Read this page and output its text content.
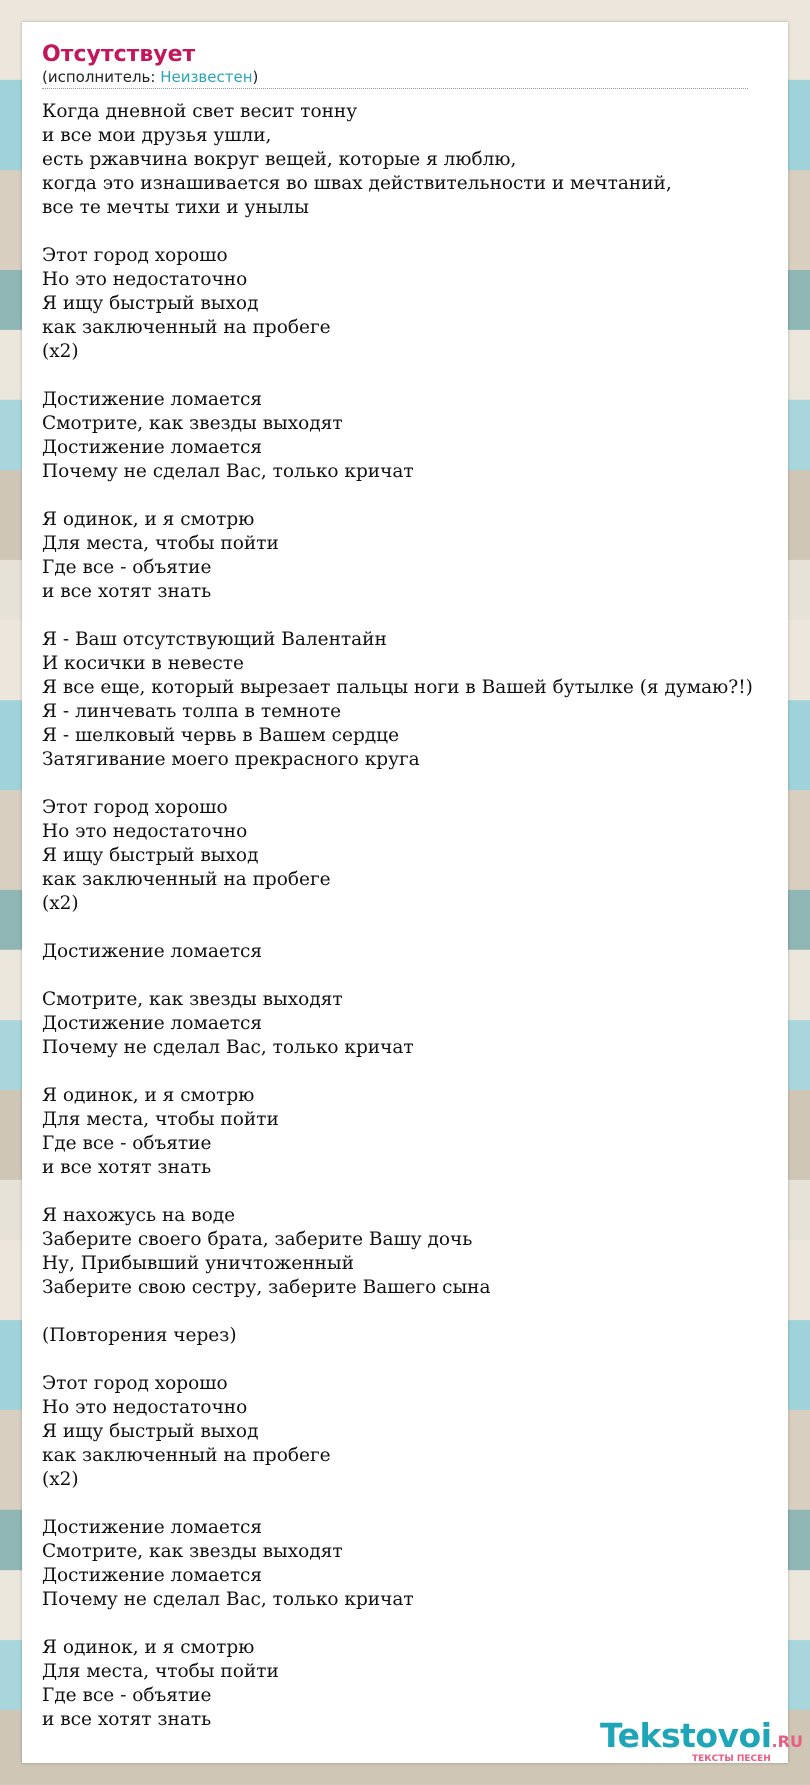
Отсутствует
(исполнитель: Неизвестен)
Когда дневной свет весит тонну
и все мои друзья ушли,
есть ржавчина вокруг вещей, которые я люблю,
когда это изнашивается во швах действительности и мечтаний,
все те мечты тихи и унылы
Этот город хорошо
Но это недостаточно
Я ищу быстрый выход
как заключенный на пробеге
(x2)
Достижение ломается
Смотрите, как звезды выходят
Достижение ломается
Почему не сделал Вас, только кричат
Я одинок, и я смотрю
Для места, чтобы пойти
Где все - объятие
и все хотят знать
Я - Ваш отсутствующий Валентайн
И косички в невесте
Я все еще, который вырезает пальцы ноги в Вашей бутылке (я думаю?!)
Я - линчевать толпа в темноте
Я - шелковый червь в Вашем сердце
Затягивание моего прекрасного круга
Этот город хорошо
Но это недостаточно
Я ищу быстрый выход
как заключенный на пробеге
(x2)
Достижение ломается
Смотрите, как звезды выходят
Достижение ломается
Почему не сделал Вас, только кричат
Я одинок, и я смотрю
Для места, чтобы пойти
Где все - объятие
и все хотят знать
Я нахожусь на воде
Заберите своего брата, заберите Вашу дочь
Ну, Прибывший уничтоженный
Заберите свою сестру, заберите Вашего сына
(Повторения через)
Этот город хорошо
Но это недостаточно
Я ищу быстрый выход
как заключенный на пробеге
(x2)
Достижение ломается
Смотрите, как звезды выходят
Достижение ломается
Почему не сделал Вас, только кричат
Я одинок, и я смотрю
Для места, чтобы пойти
Где все - объятие
и все хотят знать	Tekstovoi.RU
ТЕКСТЫ ПЕСЕН
